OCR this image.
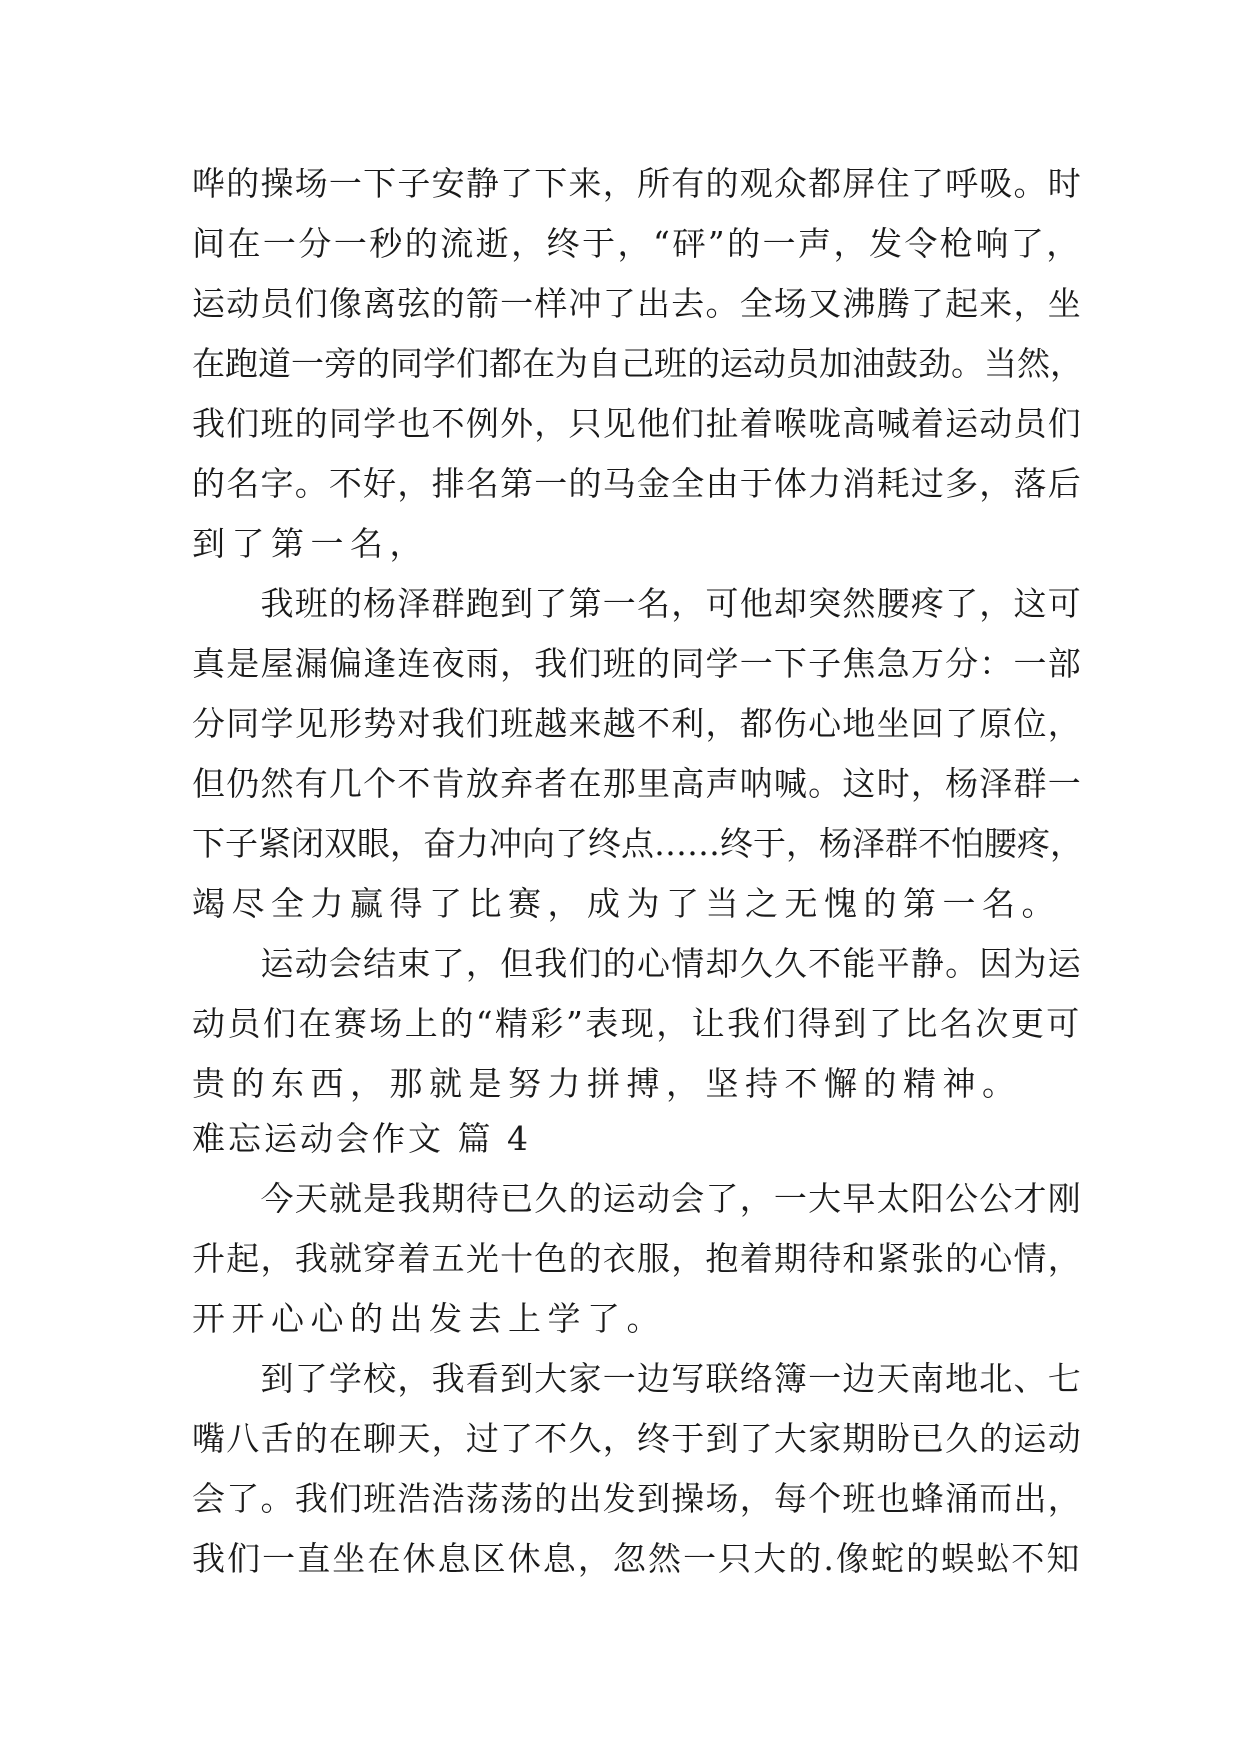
哗的操场一下子安静了下来，所有的观众都屏住了呼吸。时
间在一分一秒的流逝，终于，“砰”的一声，发令枪响了，
运动员们像离弦的箭一样冲了出去。全场又沸腾了起来，坐
在跑道一旁的同学们都在为自己班的运动员加油鼓劲。当然，
我们班的同学也不例外，只见他们扯着喉咙高喊着运动员们
的名字。不好，排名第一的马金全由于体力消耗过多，落后
到了第一名，
　　我班的杨泽群跑到了第一名，可他却突然腰疼了，这可
真是屋漏偏逢连夜雨，我们班的同学一下子焦急万分：一部
分同学见形势对我们班越来越不利，都伤心地坐回了原位，
但仍然有几个不肯放弃者在那里高声呐喊。这时，杨泽群一
下子紧闭双眼，奋力冲向了终点……终于，杨泽群不怕腰疼，
竭尽全力赢得了比赛，成为了当之无愧的第一名。
　　运动会结束了，但我们的心情却久久不能平静。因为运
动员们在赛场上的“精彩”表现，让我们得到了比名次更可
贵的东西，那就是努力拼搏，坚持不懈的精神。
难忘运动会作文 篇 4
　　今天就是我期待已久的运动会了，一大早太阳公公才刚
升起，我就穿着五光十色的衣服，抱着期待和紧张的心情，
开开心心的出发去上学了。
　　到了学校，我看到大家一边写联络簿一边天南地北、七
嘴八舌的在聊天，过了不久，终于到了大家期盼已久的运动
会了。我们班浩浩荡荡的出发到操场，每个班也蜂涌而出，
我们一直坐在休息区休息，忽然一只大的.像蛇的蜈蚣不知
